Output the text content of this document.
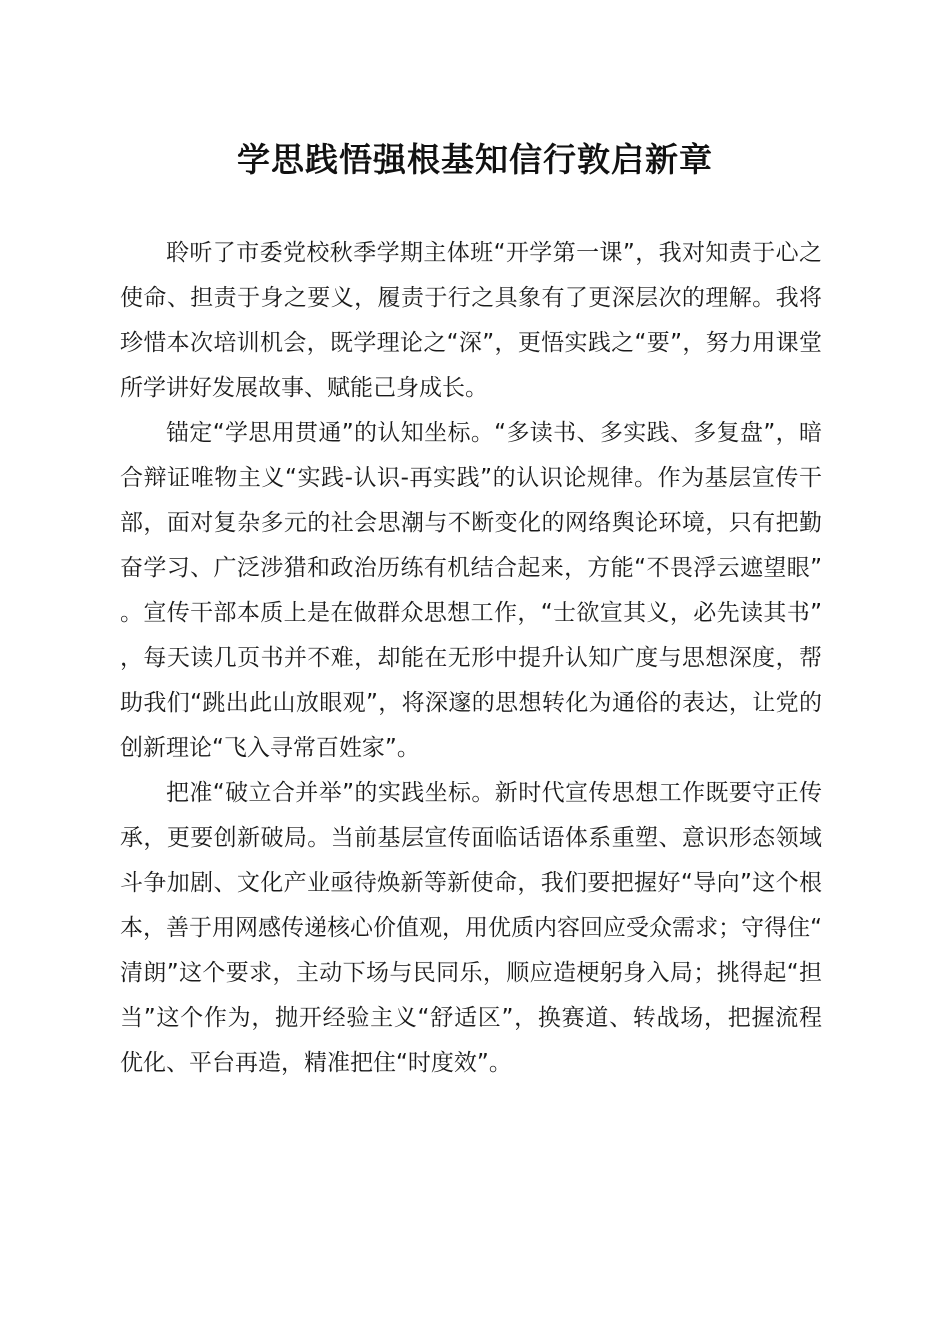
学思践悟强根基知信行敦启新章

聆听了市委党校秋季学期主体班“开学第一课”，我对知责于心之使命、担责于身之要义，履责于行之具象有了更深层次的理解。我将珍惜本次培训机会，既学理论之“深”，更悟实践之“要”，努力用课堂所学讲好发展故事、赋能己身成长。

锚定“学思用贯通”的认知坐标。“多读书、多实践、多复盘”，暗合辩证唯物主义“实践-认识-再实践”的认识论规律。作为基层宣传干部，面对复杂多元的社会思潮与不断变化的网络舆论环境，只有把勤奋学习、广泛涉猎和政治历练有机结合起来，方能“不畏浮云遮望眼”。宣传干部本质上是在做群众思想工作，“士欲宣其义，必先读其书”，每天读几页书并不难，却能在无形中提升认知广度与思想深度，帮助我们“跳出此山放眼观”，将深邃的思想转化为通俗的表达，让党的创新理论“飞入寻常百姓家”。

把准“破立合并举”的实践坐标。新时代宣传思想工作既要守正传承，更要创新破局。当前基层宣传面临话语体系重塑、意识形态领域斗争加剧、文化产业亟待焕新等新使命，我们要把握好“导向”这个根本，善于用网感传递核心价值观，用优质内容回应受众需求；守得住“清朗”这个要求，主动下场与民同乐，顺应造梗躬身入局；挑得起“担当”这个作为，抛开经验主义“舒适区”，换赛道、转战场，把握流程优化、平台再造，精准把住“时度效”。
